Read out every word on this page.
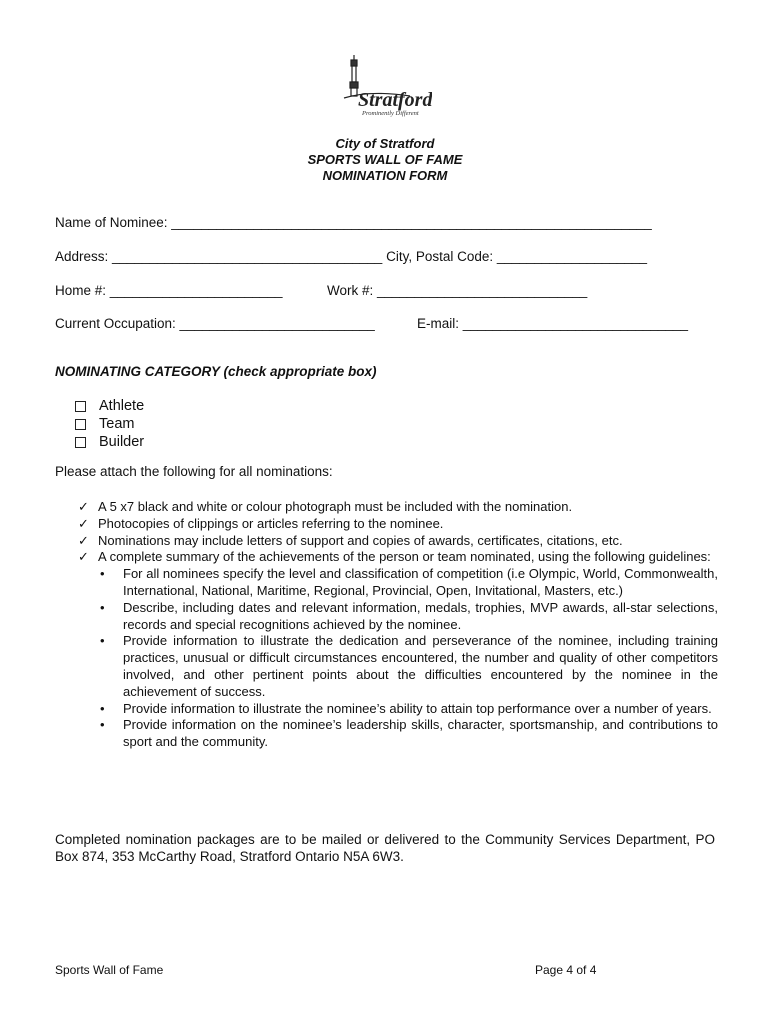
Stratford
Prominently Different
City of Stratford
SPORTS WALL OF FAME
NOMINATION FORM
Name of Nominee: ________________________________________________________________
Address: ____________________________________ City, Postal Code: ____________________
Home #: _______________________	Work #: ____________________________
Current Occupation: __________________________	E-mail: ______________________________
NOMINATING CATEGORY (check appropriate box)
Athlete
Team
Builder
Please attach the following for all nominations:
✓ A 5 x7 black and white or colour photograph must be included with the nomination.
✓ Photocopies of clippings or articles referring to the nominee.
✓ Nominations may include letters of support and copies of awards, certificates, citations, etc.
✓ A complete summary of the achievements of the person or team nominated, using the following guidelines:
•	For all nominees specify the level and classification of competition (i.e Olympic, World, Commonwealth, International, National, Maritime, Regional, Provincial, Open, Invitational, Masters, etc.)
•	Describe, including dates and relevant information, medals, trophies, MVP awards, all-star selections, records and special recognitions achieved by the nominee.
•	Provide information to illustrate the dedication and perseverance of the nominee, including training practices, unusual or difficult circumstances encountered, the number and quality of other competitors involved, and other pertinent points about the difficulties encountered by the nominee in the achievement of success.
•	Provide information to illustrate the nominee’s ability to attain top performance over a number of years.
•	Provide information on the nominee’s leadership skills, character, sportsmanship, and contributions to sport and the community.
Completed nomination packages are to be mailed or delivered to the Community Services Department, PO Box 874, 353 McCarthy Road, Stratford Ontario N5A 6W3.
Sports Wall of Fame	Page 4 of 4
